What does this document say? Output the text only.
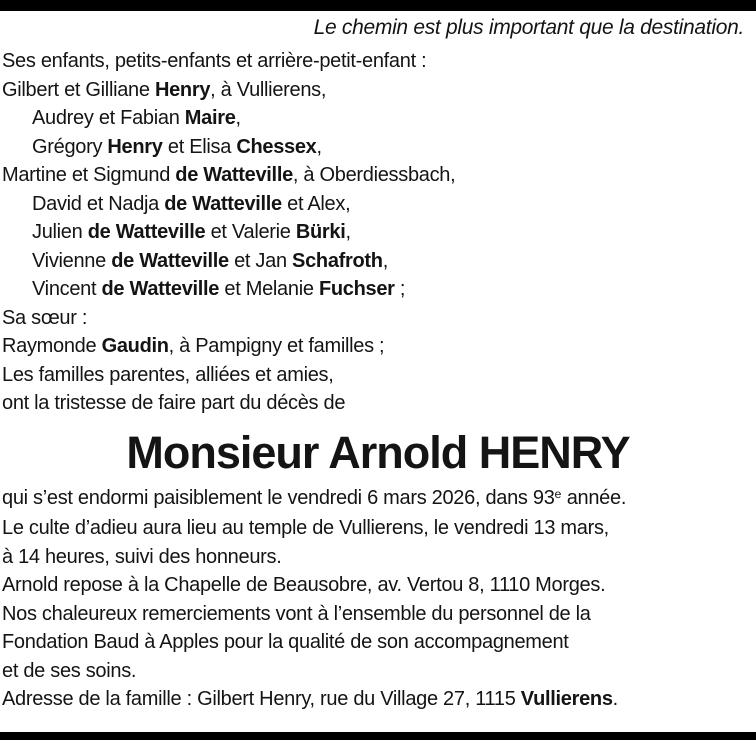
Le chemin est plus important que la destination.
Ses enfants, petits-enfants et arrière-petit-enfant :
Gilbert et Gilliane Henry, à Vullierens,
Audrey et Fabian Maire,
Grégory Henry et Elisa Chessex,
Martine et Sigmund de Watteville, à Oberdiessbach,
David et Nadja de Watteville et Alex,
Julien de Watteville et Valerie Bürki,
Vivienne de Watteville et Jan Schafroth,
Vincent de Watteville et Melanie Fuchser ;
Sa sœur :
Raymonde Gaudin, à Pampigny et familles ;
Les familles parentes, alliées et amies,
ont la tristesse de faire part du décès de
Monsieur Arnold HENRY
qui s’est endormi paisiblement le vendredi 6 mars 2026, dans 93e année.
Le culte d’adieu aura lieu au temple de Vullierens, le vendredi 13 mars,
à 14 heures, suivi des honneurs.
Arnold repose à la Chapelle de Beausobre, av. Vertou 8, 1110 Morges.
Nos chaleureux remerciements vont à l’ensemble du personnel de la
Fondation Baud à Apples pour la qualité de son accompagnement
et de ses soins.
Adresse de la famille : Gilbert Henry, rue du Village 27, 1115 Vullierens.
